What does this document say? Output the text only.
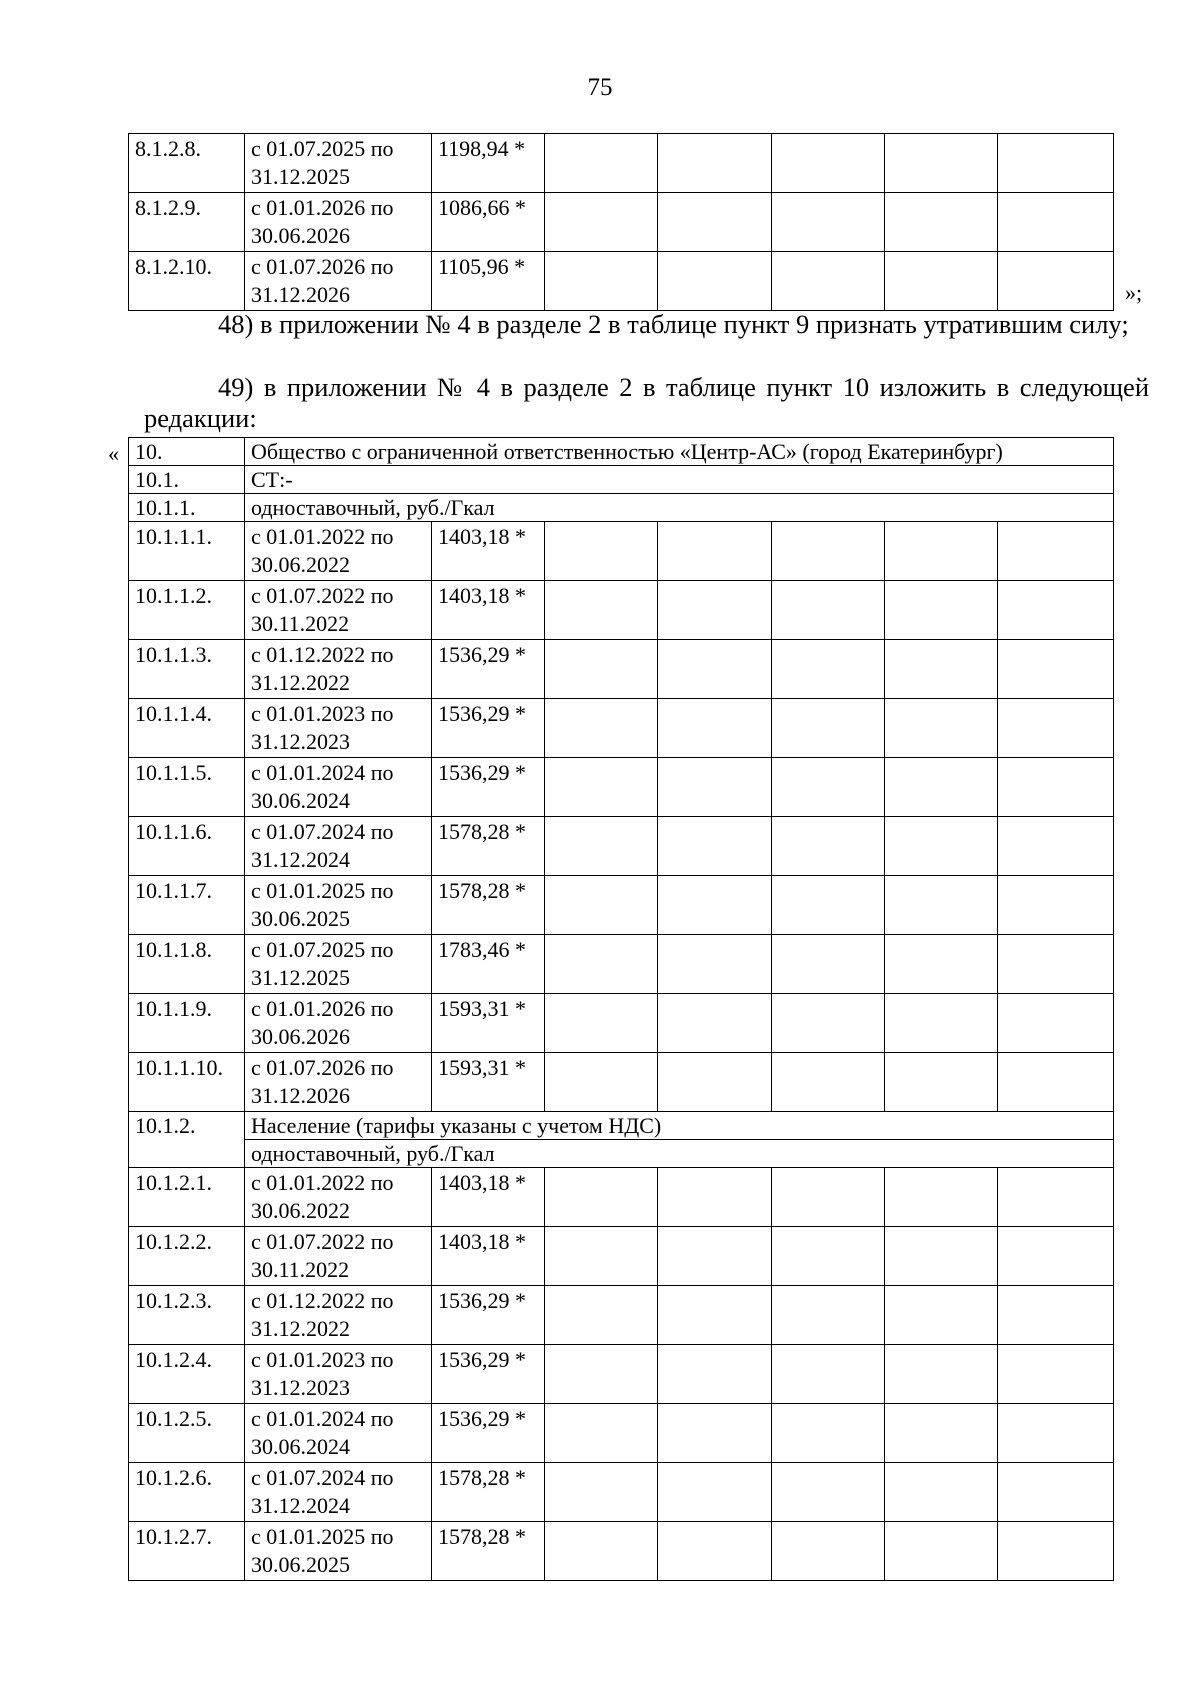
75
8.1.2.8.	с 01.07.2025 по 31.12.2025	1198,94 *					
8.1.2.9.	с 01.01.2026 по 30.06.2026	1086,66 *					
8.1.2.10.	с 01.07.2026 по 31.12.2026	1105,96 *					
»;
48) в приложении № 4 в разделе 2 в таблице пункт 9 признать утратившим силу;
49) в приложении № 4 в разделе 2 в таблице пункт 10 изложить в следующей редакции:
« 10.	Общество с ограниченной ответственностью «Центр-АС» (город Екатеринбург)						
10.1.	СТ:-						
10.1.1.	одноставочный, руб./Гкал						
10.1.1.1.	с 01.01.2022 по 30.06.2022	1403,18 *					
10.1.1.2.	с 01.07.2022 по 30.11.2022	1403,18 *					
10.1.1.3.	с 01.12.2022 по 31.12.2022	1536,29 *					
10.1.1.4.	с 01.01.2023 по 31.12.2023	1536,29 *					
10.1.1.5.	с 01.01.2024 по 30.06.2024	1536,29 *					
10.1.1.6.	с 01.07.2024 по 31.12.2024	1578,28 *					
10.1.1.7.	с 01.01.2025 по 30.06.2025	1578,28 *					
10.1.1.8.	с 01.07.2025 по 31.12.2025	1783,46 *					
10.1.1.9.	с 01.01.2026 по 30.06.2026	1593,31 *					
10.1.1.10.	с 01.07.2026 по 31.12.2026	1593,31 *					
10.1.2.	Население (тарифы указаны с учетом НДС)						
	одноставочный, руб./Гкал						
10.1.2.1.	с 01.01.2022 по 30.06.2022	1403,18 *					
10.1.2.2.	с 01.07.2022 по 30.11.2022	1403,18 *					
10.1.2.3.	с 01.12.2022 по 31.12.2022	1536,29 *					
10.1.2.4.	с 01.01.2023 по 31.12.2023	1536,29 *					
10.1.2.5.	с 01.01.2024 по 30.06.2024	1536,29 *					
10.1.2.6.	с 01.07.2024 по 31.12.2024	1578,28 *					
10.1.2.7.	с 01.01.2025 по 30.06.2025	1578,28 *					
